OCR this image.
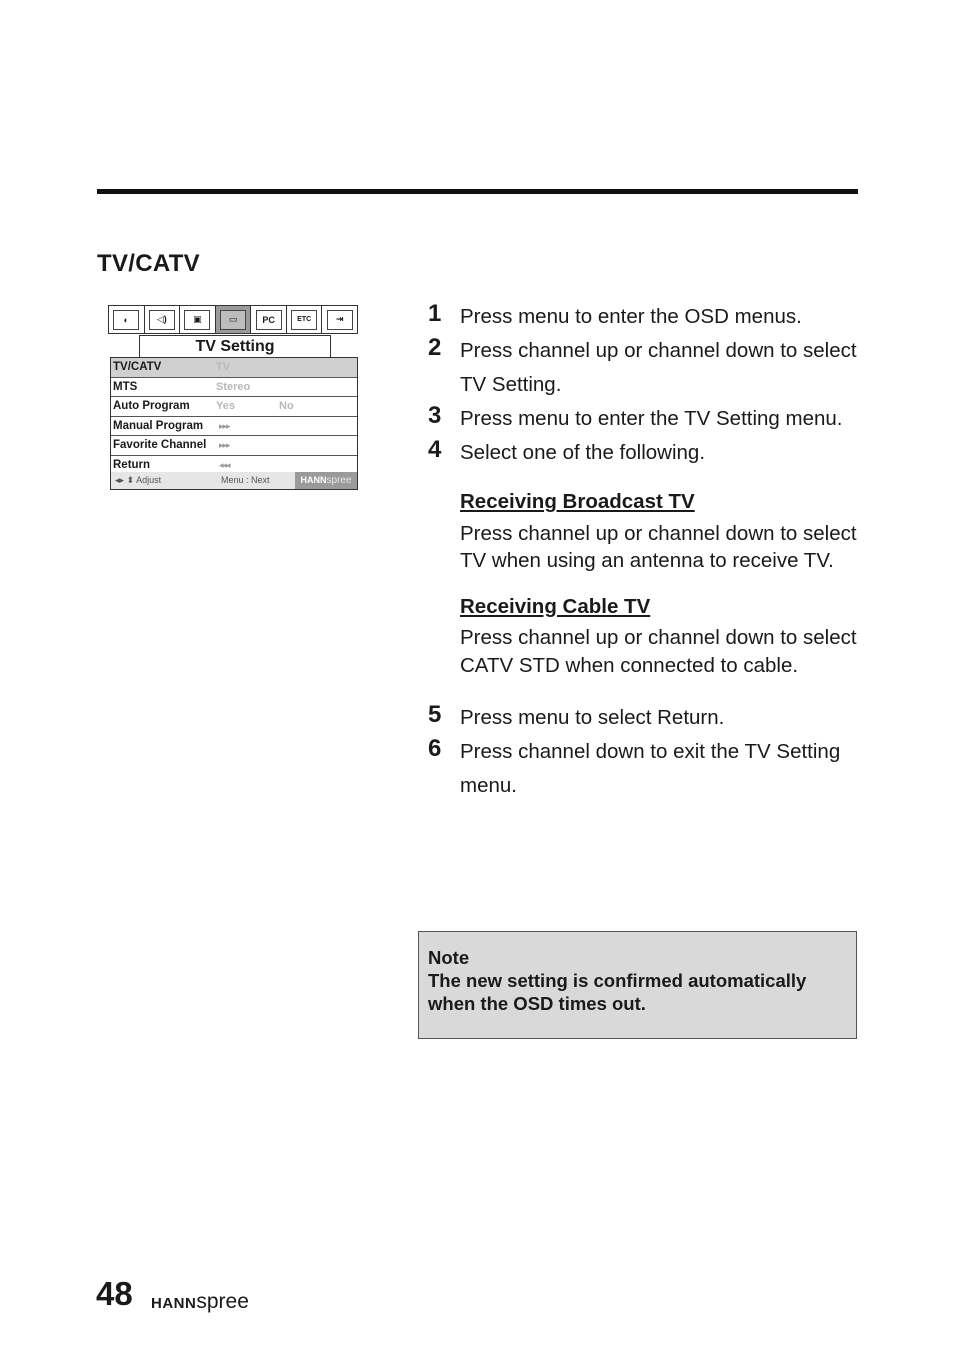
TV/CATV
◐	◁)	▣	▭	PC	ETC	⇥
TV Setting
TV/CATV	TV
MTS	Stereo
Auto Program Yes	No
Manual Program ▸▸▸
Favorite Channel ▸▸▸
Return	◂◂◂
◂▸ ⬍ Adjust	Menu : Next	HANNspree
1 Press menu to enter the OSD menus.
2 Press channel up or channel down to select TV Setting.
3 Press menu to enter the TV Setting menu.
4 Select one of the following.
Receiving Broadcast TV
Press channel up or channel down to select TV when using an antenna to receive TV.
Receiving Cable TV
Press channel up or channel down to select CATV STD when connected to cable.
5 Press menu to select Return.
6 Press channel down to exit the TV Setting menu.
Note
The new setting is confirmed automatically when the OSD times out.
48 HANNspree
